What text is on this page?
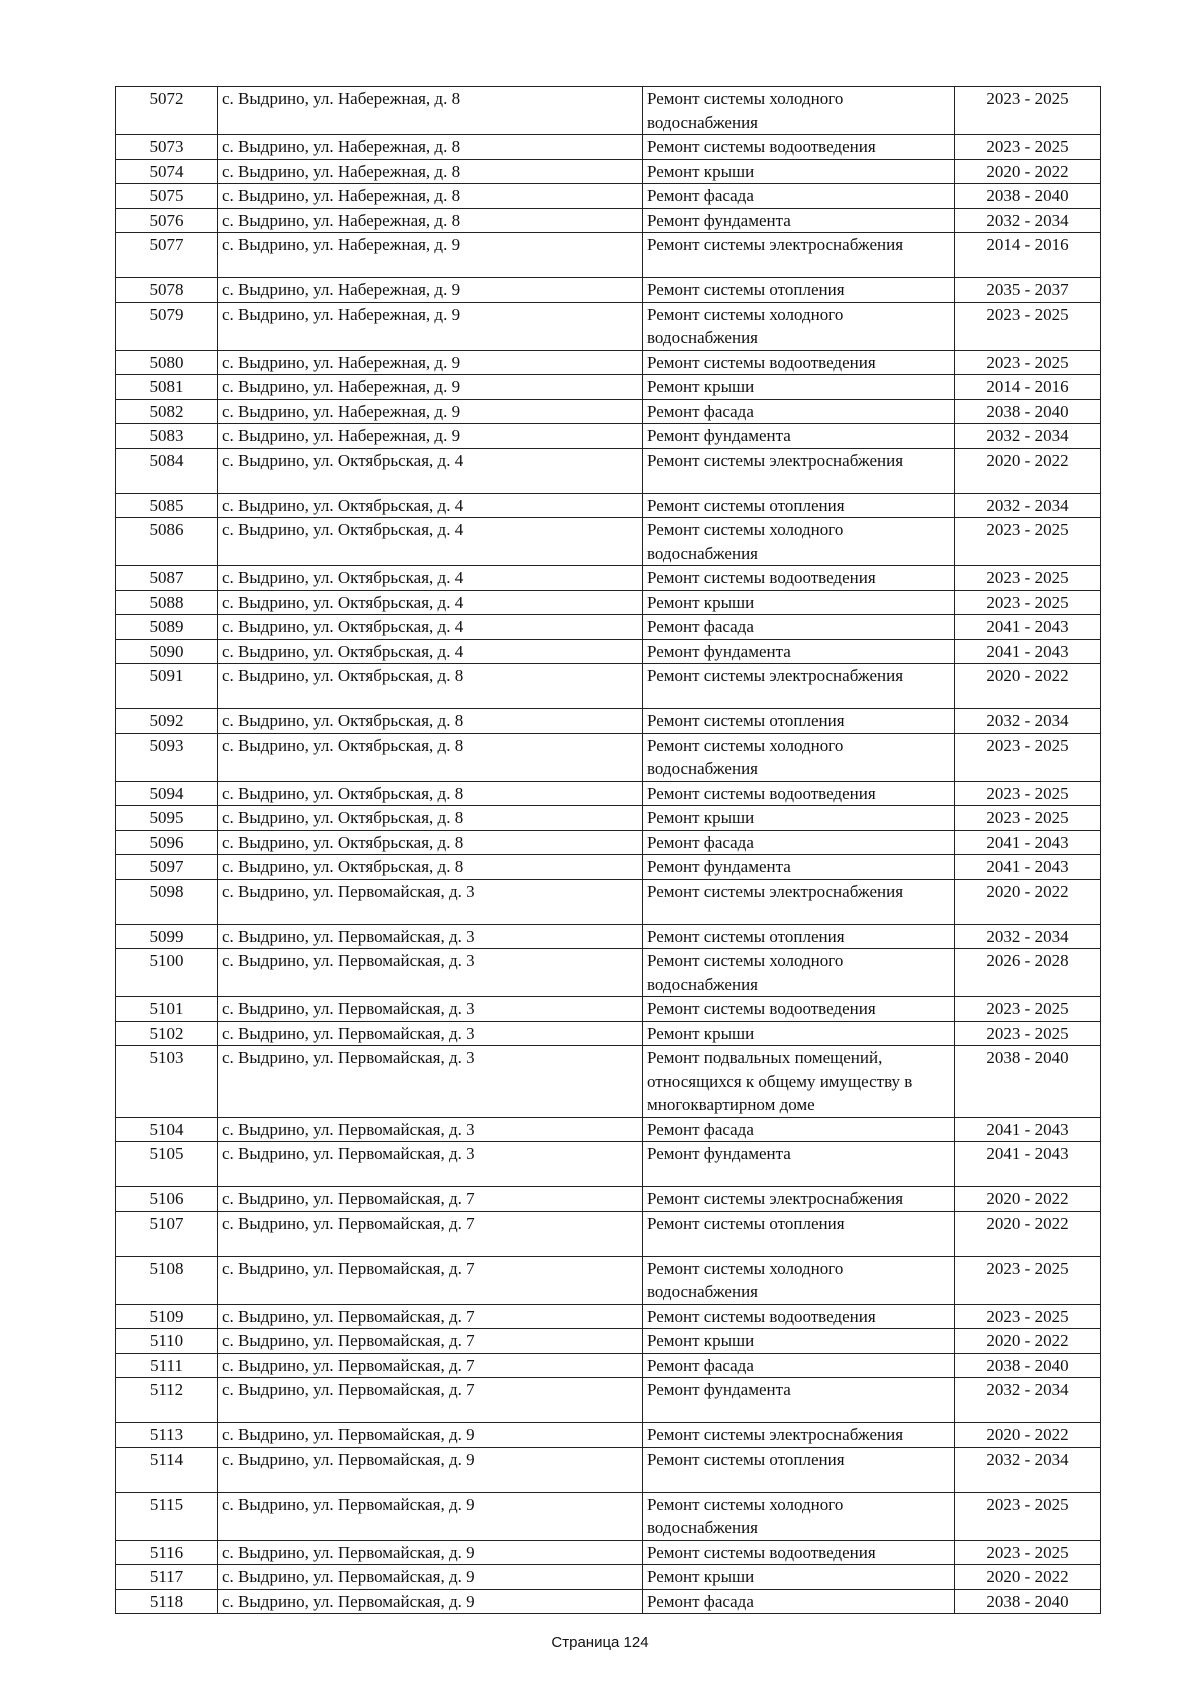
5072	с. Выдрино, ул. Набережная, д. 8	Ремонт системы холодного водоснабжения	2023 - 2025
5073	с. Выдрино, ул. Набережная, д. 8	Ремонт системы водоотведения	2023 - 2025
5074	с. Выдрино, ул. Набережная, д. 8	Ремонт крыши	2020 - 2022
5075	с. Выдрино, ул. Набережная, д. 8	Ремонт фасада	2038 - 2040
5076	с. Выдрино, ул. Набережная, д. 8	Ремонт фундамента	2032 - 2034
5077	с. Выдрино, ул. Набережная, д. 9	Ремонт системы электроснабжения	2014 - 2016
5078	с. Выдрино, ул. Набережная, д. 9	Ремонт системы отопления	2035 - 2037
5079	с. Выдрино, ул. Набережная, д. 9	Ремонт системы холодного водоснабжения	2023 - 2025
5080	с. Выдрино, ул. Набережная, д. 9	Ремонт системы водоотведения	2023 - 2025
5081	с. Выдрино, ул. Набережная, д. 9	Ремонт крыши	2014 - 2016
5082	с. Выдрино, ул. Набережная, д. 9	Ремонт фасада	2038 - 2040
5083	с. Выдрино, ул. Набережная, д. 9	Ремонт фундамента	2032 - 2034
5084	с. Выдрино, ул. Октябрьская, д. 4	Ремонт системы электроснабжения	2020 - 2022
5085	с. Выдрино, ул. Октябрьская, д. 4	Ремонт системы отопления	2032 - 2034
5086	с. Выдрино, ул. Октябрьская, д. 4	Ремонт системы холодного водоснабжения	2023 - 2025
5087	с. Выдрино, ул. Октябрьская, д. 4	Ремонт системы водоотведения	2023 - 2025
5088	с. Выдрино, ул. Октябрьская, д. 4	Ремонт крыши	2023 - 2025
5089	с. Выдрино, ул. Октябрьская, д. 4	Ремонт фасада	2041 - 2043
5090	с. Выдрино, ул. Октябрьская, д. 4	Ремонт фундамента	2041 - 2043
5091	с. Выдрино, ул. Октябрьская, д. 8	Ремонт системы электроснабжения	2020 - 2022
5092	с. Выдрино, ул. Октябрьская, д. 8	Ремонт системы отопления	2032 - 2034
5093	с. Выдрино, ул. Октябрьская, д. 8	Ремонт системы холодного водоснабжения	2023 - 2025
5094	с. Выдрино, ул. Октябрьская, д. 8	Ремонт системы водоотведения	2023 - 2025
5095	с. Выдрино, ул. Октябрьская, д. 8	Ремонт крыши	2023 - 2025
5096	с. Выдрино, ул. Октябрьская, д. 8	Ремонт фасада	2041 - 2043
5097	с. Выдрино, ул. Октябрьская, д. 8	Ремонт фундамента	2041 - 2043
5098	с. Выдрино, ул. Первомайская, д. 3	Ремонт системы электроснабжения	2020 - 2022
5099	с. Выдрино, ул. Первомайская, д. 3	Ремонт системы отопления	2032 - 2034
5100	с. Выдрино, ул. Первомайская, д. 3	Ремонт системы холодного водоснабжения	2026 - 2028
5101	с. Выдрино, ул. Первомайская, д. 3	Ремонт системы водоотведения	2023 - 2025
5102	с. Выдрино, ул. Первомайская, д. 3	Ремонт крыши	2023 - 2025
5103	с. Выдрино, ул. Первомайская, д. 3	Ремонт подвальных помещений, относящихся к общему имуществу в многоквартирном доме	2038 - 2040
5104	с. Выдрино, ул. Первомайская, д. 3	Ремонт фасада	2041 - 2043
5105	с. Выдрино, ул. Первомайская, д. 3	Ремонт фундамента	2041 - 2043
5106	с. Выдрино, ул. Первомайская, д. 7	Ремонт системы электроснабжения	2020 - 2022
5107	с. Выдрино, ул. Первомайская, д. 7	Ремонт системы отопления	2020 - 2022
5108	с. Выдрино, ул. Первомайская, д. 7	Ремонт системы холодного водоснабжения	2023 - 2025
5109	с. Выдрино, ул. Первомайская, д. 7	Ремонт системы водоотведения	2023 - 2025
5110	с. Выдрино, ул. Первомайская, д. 7	Ремонт крыши	2020 - 2022
5111	с. Выдрино, ул. Первомайская, д. 7	Ремонт фасада	2038 - 2040
5112	с. Выдрино, ул. Первомайская, д. 7	Ремонт фундамента	2032 - 2034
5113	с. Выдрино, ул. Первомайская, д. 9	Ремонт системы электроснабжения	2020 - 2022
5114	с. Выдрино, ул. Первомайская, д. 9	Ремонт системы отопления	2032 - 2034
5115	с. Выдрино, ул. Первомайская, д. 9	Ремонт системы холодного водоснабжения	2023 - 2025
5116	с. Выдрино, ул. Первомайская, д. 9	Ремонт системы водоотведения	2023 - 2025
5117	с. Выдрино, ул. Первомайская, д. 9	Ремонт крыши	2020 - 2022
5118	с. Выдрино, ул. Первомайская, д. 9	Ремонт фасада	2038 - 2040
Страница 124
